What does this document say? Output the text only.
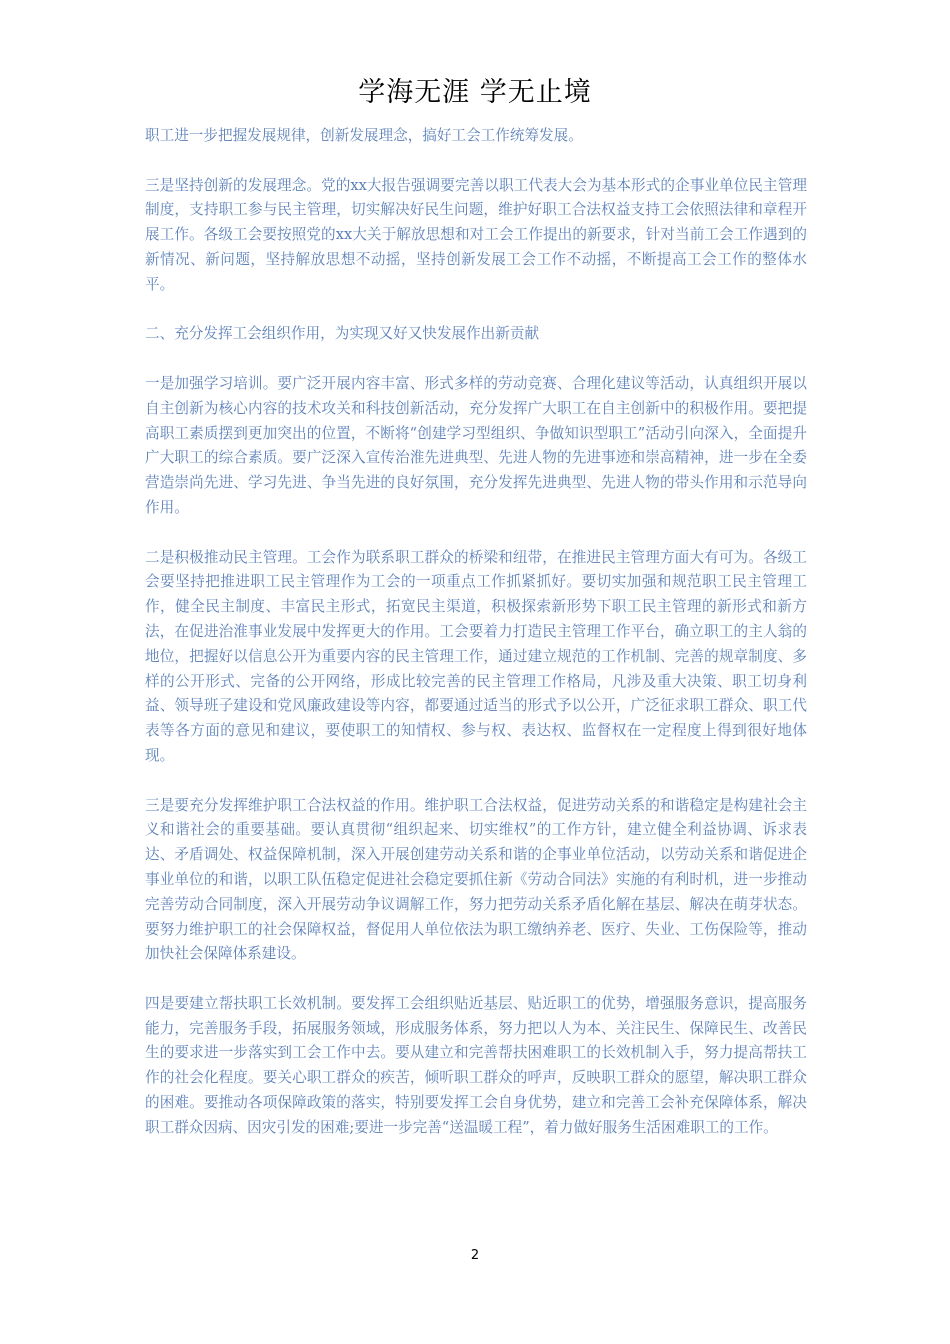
学海无涯 学无止境

职工进一步把握发展规律，创新发展理念，搞好工会工作统筹发展。

三是坚持创新的发展理念。党的xx大报告强调要完善以职工代表大会为基本形式的企事业单位民主管理制度，支持职工参与民主管理，切实解决好民生问题，维护好职工合法权益支持工会依照法律和章程开展工作。各级工会要按照党的xx大关于解放思想和对工会工作提出的新要求，针对当前工会工作遇到的新情况、新问题，坚持解放思想不动摇，坚持创新发展工会工作不动摇，不断提高工会工作的整体水平。

二、充分发挥工会组织作用，为实现又好又快发展作出新贡献

一是加强学习培训。要广泛开展内容丰富、形式多样的劳动竞赛、合理化建议等活动，认真组织开展以自主创新为核心内容的技术攻关和科技创新活动，充分发挥广大职工在自主创新中的积极作用。要把提高职工素质摆到更加突出的位置，不断将“创建学习型组织、争做知识型职工”活动引向深入，全面提升广大职工的综合素质。要广泛深入宣传治淮先进典型、先进人物的先进事迹和崇高精神，进一步在全委营造崇尚先进、学习先进、争当先进的良好氛围，充分发挥先进典型、先进人物的带头作用和示范导向作用。

二是积极推动民主管理。工会作为联系职工群众的桥梁和纽带，在推进民主管理方面大有可为。各级工会要坚持把推进职工民主管理作为工会的一项重点工作抓紧抓好。要切实加强和规范职工民主管理工作，健全民主制度、丰富民主形式，拓宽民主渠道，积极探索新形势下职工民主管理的新形式和新方法，在促进治淮事业发展中发挥更大的作用。工会要着力打造民主管理工作平台，确立职工的主人翁的地位，把握好以信息公开为重要内容的民主管理工作，通过建立规范的工作机制、完善的规章制度、多样的公开形式、完备的公开网络，形成比较完善的民主管理工作格局，凡涉及重大决策、职工切身利益、领导班子建设和党风廉政建设等内容，都要通过适当的形式予以公开，广泛征求职工群众、职工代表等各方面的意见和建议，要使职工的知情权、参与权、表达权、监督权在一定程度上得到很好地体现。

三是要充分发挥维护职工合法权益的作用。维护职工合法权益，促进劳动关系的和谐稳定是构建社会主义和谐社会的重要基础。要认真贯彻“组织起来、切实维权”的工作方针，建立健全利益协调、诉求表达、矛盾调处、权益保障机制，深入开展创建劳动关系和谐的企事业单位活动，以劳动关系和谐促进企事业单位的和谐，以职工队伍稳定促进社会稳定要抓住新《劳动合同法》实施的有利时机，进一步推动完善劳动合同制度，深入开展劳动争议调解工作，努力把劳动关系矛盾化解在基层、解决在萌芽状态。要努力维护职工的社会保障权益，督促用人单位依法为职工缴纳养老、医疗、失业、工伤保险等，推动加快社会保障体系建设。

四是要建立帮扶职工长效机制。要发挥工会组织贴近基层、贴近职工的优势，增强服务意识，提高服务能力，完善服务手段，拓展服务领域，形成服务体系，努力把以人为本、关注民生、保障民生、改善民生的要求进一步落实到工会工作中去。要从建立和完善帮扶困难职工的长效机制入手，努力提高帮扶工作的社会化程度。要关心职工群众的疾苦，倾听职工群众的呼声，反映职工群众的愿望，解决职工群众的困难。要推动各项保障政策的落实，特别要发挥工会自身优势，建立和完善工会补充保障体系，解决职工群众因病、因灾引发的困难;要进一步完善“送温暖工程”，着力做好服务生活困难职工的工作。

2
